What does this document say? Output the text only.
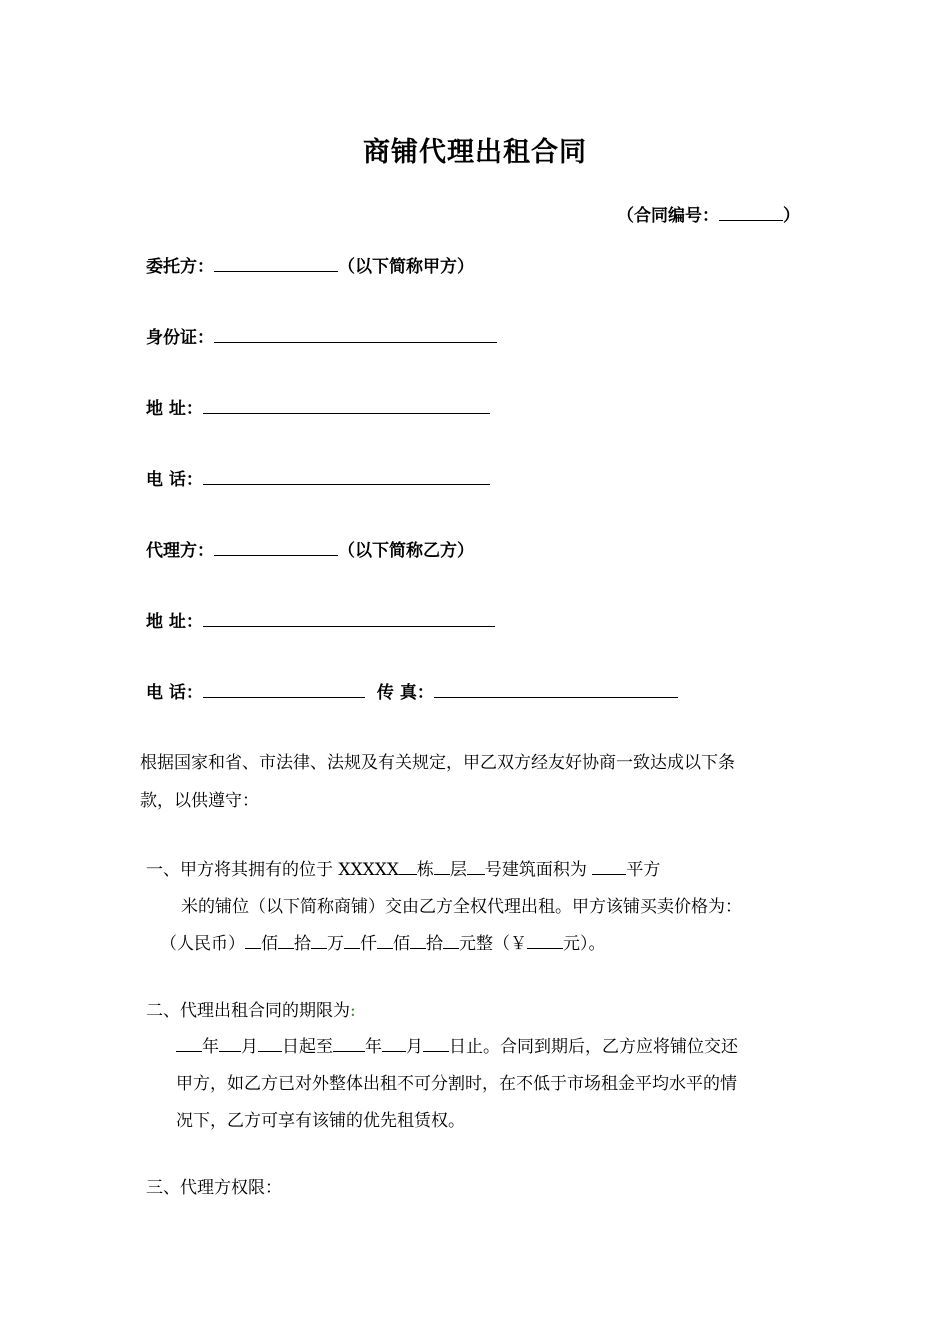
商铺代理出租合同
（合同编号：	）
委托方：	（以下简称甲方）
身份证：
地 址：
电 话：
代理方：	（以下简称乙方）
地 址：
电 话：	传 真：
根据国家和省、市法律、法规及有关规定，甲乙双方经友好协商一致达成以下条
款，以供遵守：
一、甲方将其拥有的位于 XXXXX 栋 层 号建筑面积为 平方
米的铺位（以下简称商铺）交由乙方全权代理出租。甲方该铺买卖价格为：
（人民币） 佰 拾 万 仟 佰 拾 元整（￥ 元）。
二、代理出租合同的期限为:
年 月 日起至 年 月 日止。合同到期后，乙方应将铺位交还
甲方，如乙方已对外整体出租不可分割时，在不低于市场租金平均水平的情
况下，乙方可享有该铺的优先租赁权。
三、代理方权限：
